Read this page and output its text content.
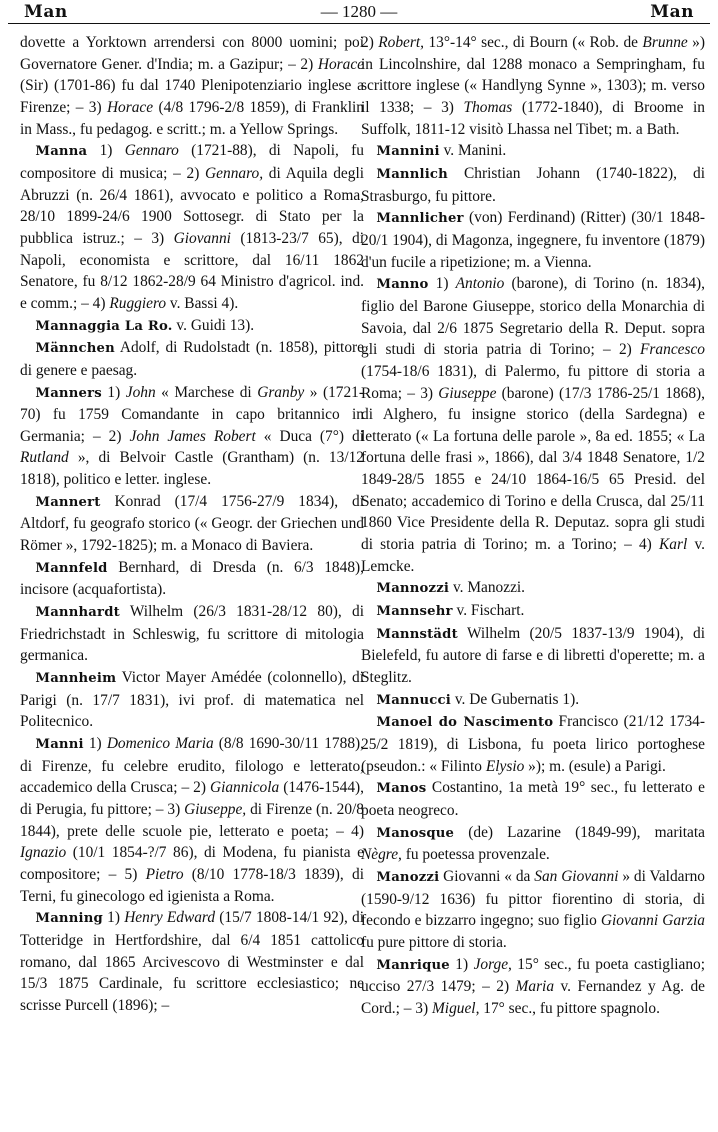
Man	— 1280 —	Man

dovette a Yorktown arrendersi con 8000 uomini; poi Governatore Gener. d'India; m. a Gazipur; – 2) Horace (Sir) (1701-86) fu dal 1740 Plenipotenziario inglese a Firenze; – 3) Horace (4/8 1796-2/8 1859), di Franklin in Mass., fu pedagog. e scritt.; m. a Yellow Springs.

Manna 1) Gennaro (1721-88), di Napoli, fu compositore di musica; – 2) Gennaro, di Aquila degli Abruzzi (n. 26/4 1861), avvocato e politico a Roma, 28/10 1899-24/6 1900 Sottosegr. di Stato per la pubblica istruz.; – 3) Giovanni (1813-23/7 65), di Napoli, economista e scrittore, dal 16/11 1862 Senatore, fu 8/12 1862-28/9 64 Ministro d'agricol. ind. e comm.; – 4) Ruggiero v. Bassi 4).

Mannaggia La Ro. v. Guidi 13).

Männchen Adolf, di Rudolstadt (n. 1858), pittore di genere e paesag.

Manners 1) John « Marchese di Granby » (1721-70) fu 1759 Comandante in capo britannico in Germania; – 2) John James Robert « Duca (7°) di Rutland », di Belvoir Castle (Grantham) (n. 13/12 1818), politico e letter. inglese.

Mannert Konrad (17/4 1756-27/9 1834), di Altdorf, fu geografo storico (« Geogr. der Griechen und Römer », 1792-1825); m. a Monaco di Baviera.

Mannfeld Bernhard, di Dresda (n. 6/3 1848), incisore (acquafortista).

Mannhardt Wilhelm (26/3 1831-28/12 80), di Friedrichstadt in Schleswig, fu scrittore di mitologia germanica.

Mannheim Victor Mayer Amédée (colonnello), di Parigi (n. 17/7 1831), ivi prof. di matematica nel Politecnico.

Manni 1) Domenico Maria (8/8 1690-30/11 1788), di Firenze, fu celebre erudito, filologo e letterato, accademico della Crusca; – 2) Giannicola (1476-1544), di Perugia, fu pittore; – 3) Giuseppe, di Firenze (n. 20/8 1844), prete delle scuole pie, letterato e poeta; – 4) Ignazio (10/1 1854-?/7 86), di Modena, fu pianista e compositore; – 5) Pietro (8/10 1778-18/3 1839), di Terni, fu ginecologo ed igienista a Roma.

Manning 1) Henry Edward (15/7 1808-14/1 92), di Totteridge in Hertfordshire, dal 6/4 1851 cattolico romano, dal 1865 Arcivescovo di Westminster e dal 15/3 1875 Cardinale, fu scrittore ecclesiastico; ne scrisse Purcell (1896); –

2) Robert, 13°-14° sec., di Bourn (« Rob. de Brunne ») in Lincolnshire, dal 1288 monaco a Sempringham, fu scrittore inglese (« Handlyng Synne », 1303); m. verso il 1338; – 3) Thomas (1772-1840), di Broome in Suffolk, 1811-12 visitò Lhassa nel Tibet; m. a Bath.

Mannini v. Manini.

Mannlich Christian Johann (1740-1822), di Strasburgo, fu pittore.

Mannlicher (von) Ferdinand) (Ritter) (30/1 1848-20/1 1904), di Magonza, ingegnere, fu inventore (1879) d'un fucile a ripetizione; m. a Vienna.

Manno 1) Antonio (barone), di Torino (n. 1834), figlio del Barone Giuseppe, storico della Monarchia di Savoia, dal 2/6 1875 Segretario della R. Deput. sopra gli studi di storia patria di Torino; – 2) Francesco (1754-18/6 1831), di Palermo, fu pittore di storia a Roma; – 3) Giuseppe (barone) (17/3 1786-25/1 1868), di Alghero, fu insigne storico (della Sardegna) e letterato (« La fortuna delle parole », 8a ed. 1855; « La fortuna delle frasi », 1866), dal 3/4 1848 Senatore, 1/2 1849-28/5 1855 e 24/10 1864-16/5 65 Presid. del Senato; accademico di Torino e della Crusca, dal 25/11 1860 Vice Presidente della R. Deputaz. sopra gli studi di storia patria di Torino; m. a Torino; – 4) Karl v. Lemcke.

Mannozzi v. Manozzi.

Mannsehr v. Fischart.

Mannstädt Wilhelm (20/5 1837-13/9 1904), di Bielefeld, fu autore di farse e di libretti d'operette; m. a Steglitz.

Mannucci v. De Gubernatis 1).

Manoel do Nascimento Francisco (21/12 1734-25/2 1819), di Lisbona, fu poeta lirico portoghese (pseudon.: « Filinto Elysio »); m. (esule) a Parigi.

Manos Costantino, 1a metà 19° sec., fu letterato e poeta neogreco.

Manosque (de) Lazarine (1849-99), maritata Nègre, fu poetessa provenzale.

Manozzi Giovanni « da San Giovanni » di Valdarno (1590-9/12 1636) fu pittor fiorentino di storia, di fecondo e bizzarro ingegno; suo figlio Giovanni Garzia fu pure pittore di storia.

Manrique 1) Jorge, 15° sec., fu poeta castigliano; ucciso 27/3 1479; – 2) Maria v. Fernandez y Ag. de Cord.; – 3) Miguel, 17° sec., fu pittore spagnolo.
